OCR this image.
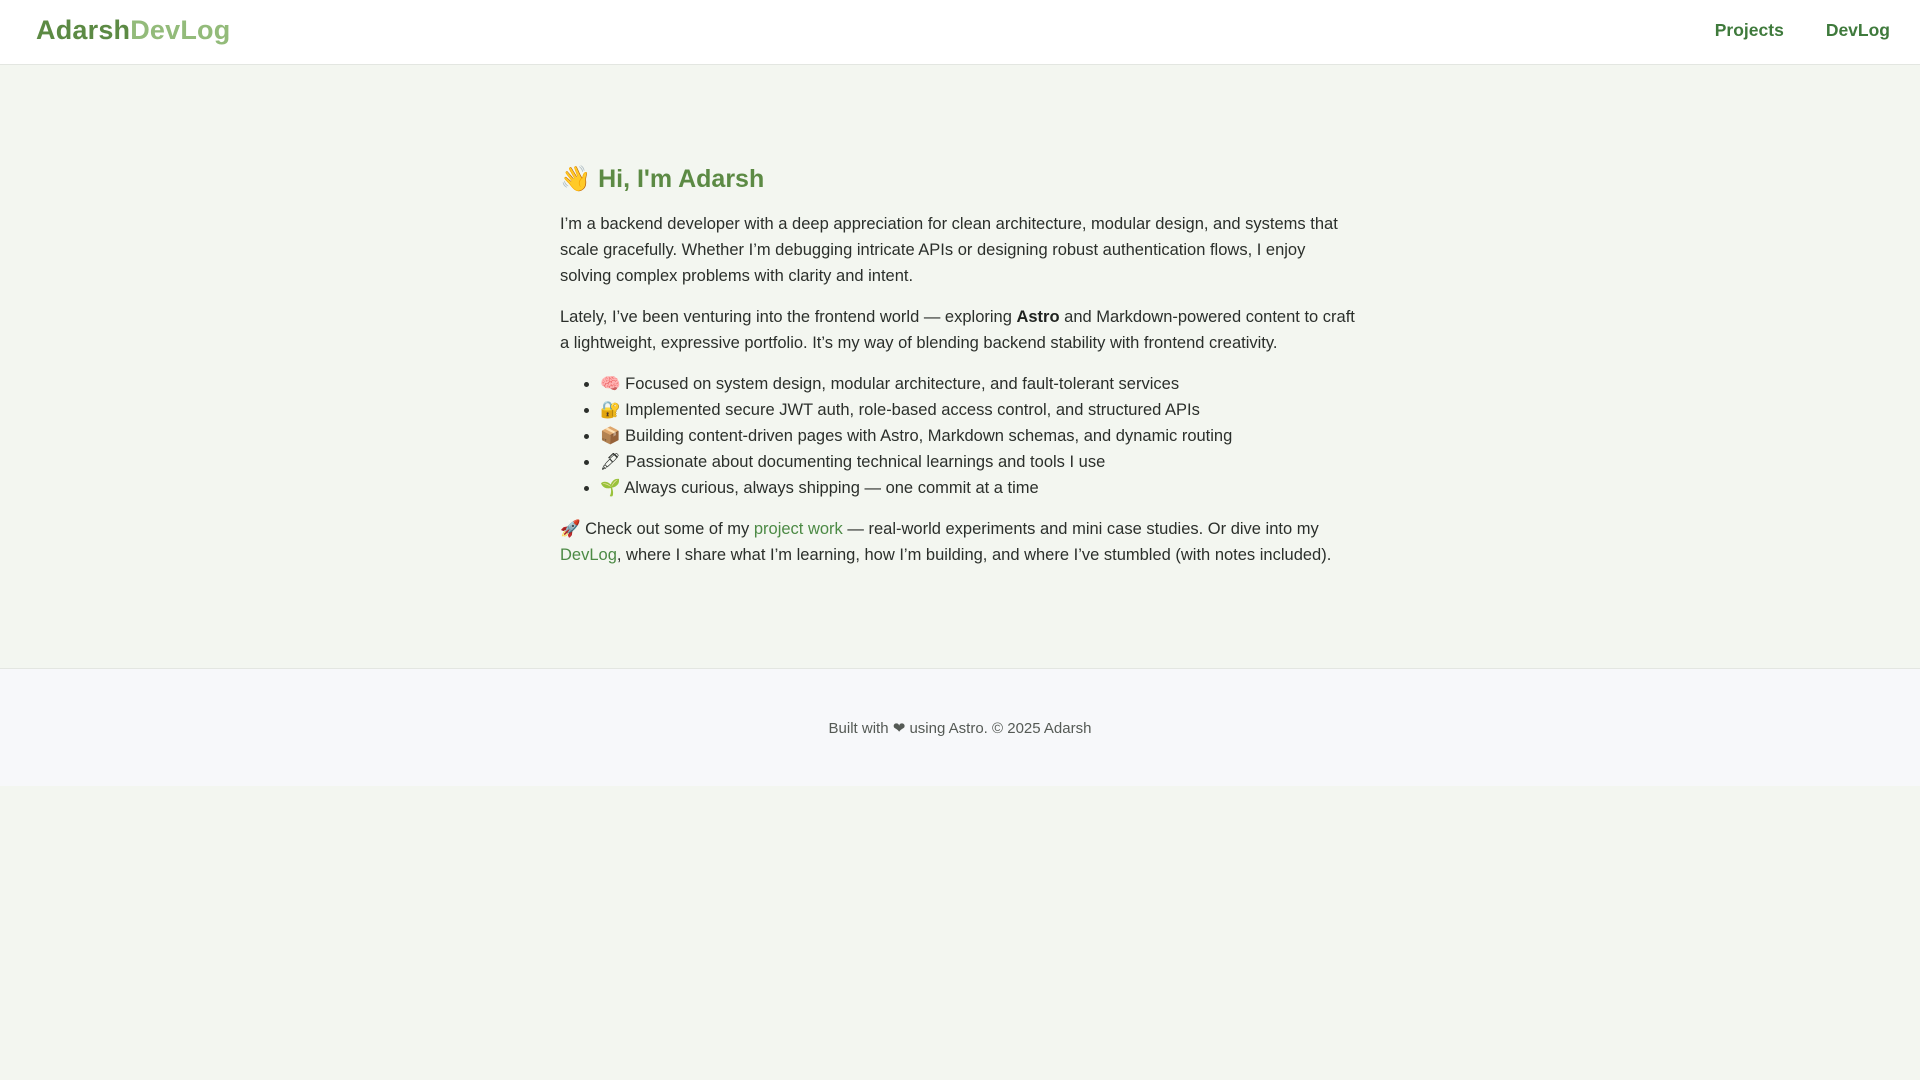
AdarshDevLog	Projects DevLog
👋 Hi, I'm Adarsh

I’m a backend developer with a deep appreciation for clean architecture, modular design, and systems that scale gracefully. Whether I’m debugging intricate APIs or designing robust authentication flows, I enjoy solving complex problems with clarity and intent.

Lately, I’ve been venturing into the frontend world — exploring Astro and Markdown-powered content to craft a lightweight, expressive portfolio. It’s my way of blending backend stability with frontend creativity.

• 🧠 Focused on system design, modular architecture, and fault-tolerant services
• 🔐 Implemented secure JWT auth, role-based access control, and structured APIs
• 📦 Building content-driven pages with Astro, Markdown schemas, and dynamic routing
• 🖋 Passionate about documenting technical learnings and tools I use
• 🌱 Always curious, always shipping — one commit at a time

🚀 Check out some of my project work — real-world experiments and mini case studies. Or dive into my DevLog, where I share what I’m learning, how I’m building, and where I’ve stumbled (with notes included).

Built with ❤ using Astro. © 2025 Adarsh
